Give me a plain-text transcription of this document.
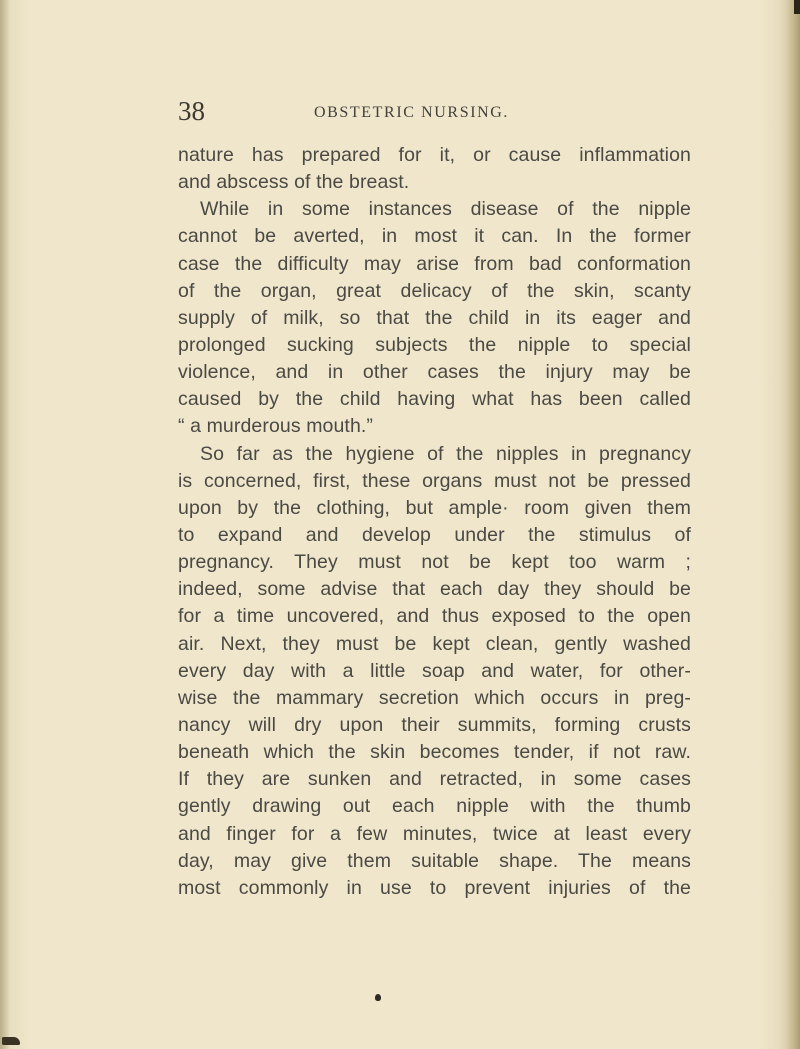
38	OBSTETRIC NURSING.
nature has prepared for it, or cause inflammation
and abscess of the breast.
While in some instances disease of the nipple
cannot be averted, in most it can. In the former
case the difficulty may arise from bad conformation
of the organ, great delicacy of the skin, scanty
supply of milk, so that the child in its eager and
prolonged sucking subjects the nipple to special
violence, and in other cases the injury may be
caused by the child having what has been called
“ a murderous mouth.”
So far as the hygiene of the nipples in pregnancy
is concerned, first, these organs must not be pressed
upon by the clothing, but ample· room given them
to expand and develop under the stimulus of
pregnancy. They must not be kept too warm ;
indeed, some advise that each day they should be
for a time uncovered, and thus exposed to the open
air. Next, they must be kept clean, gently washed
every day with a little soap and water, for other-
wise the mammary secretion which occurs in preg-
nancy will dry upon their summits, forming crusts
beneath which the skin becomes tender, if not raw.
If they are sunken and retracted, in some cases
gently drawing out each nipple with the thumb
and finger for a few minutes, twice at least every
day, may give them suitable shape. The means
most commonly in use to prevent injuries of the
